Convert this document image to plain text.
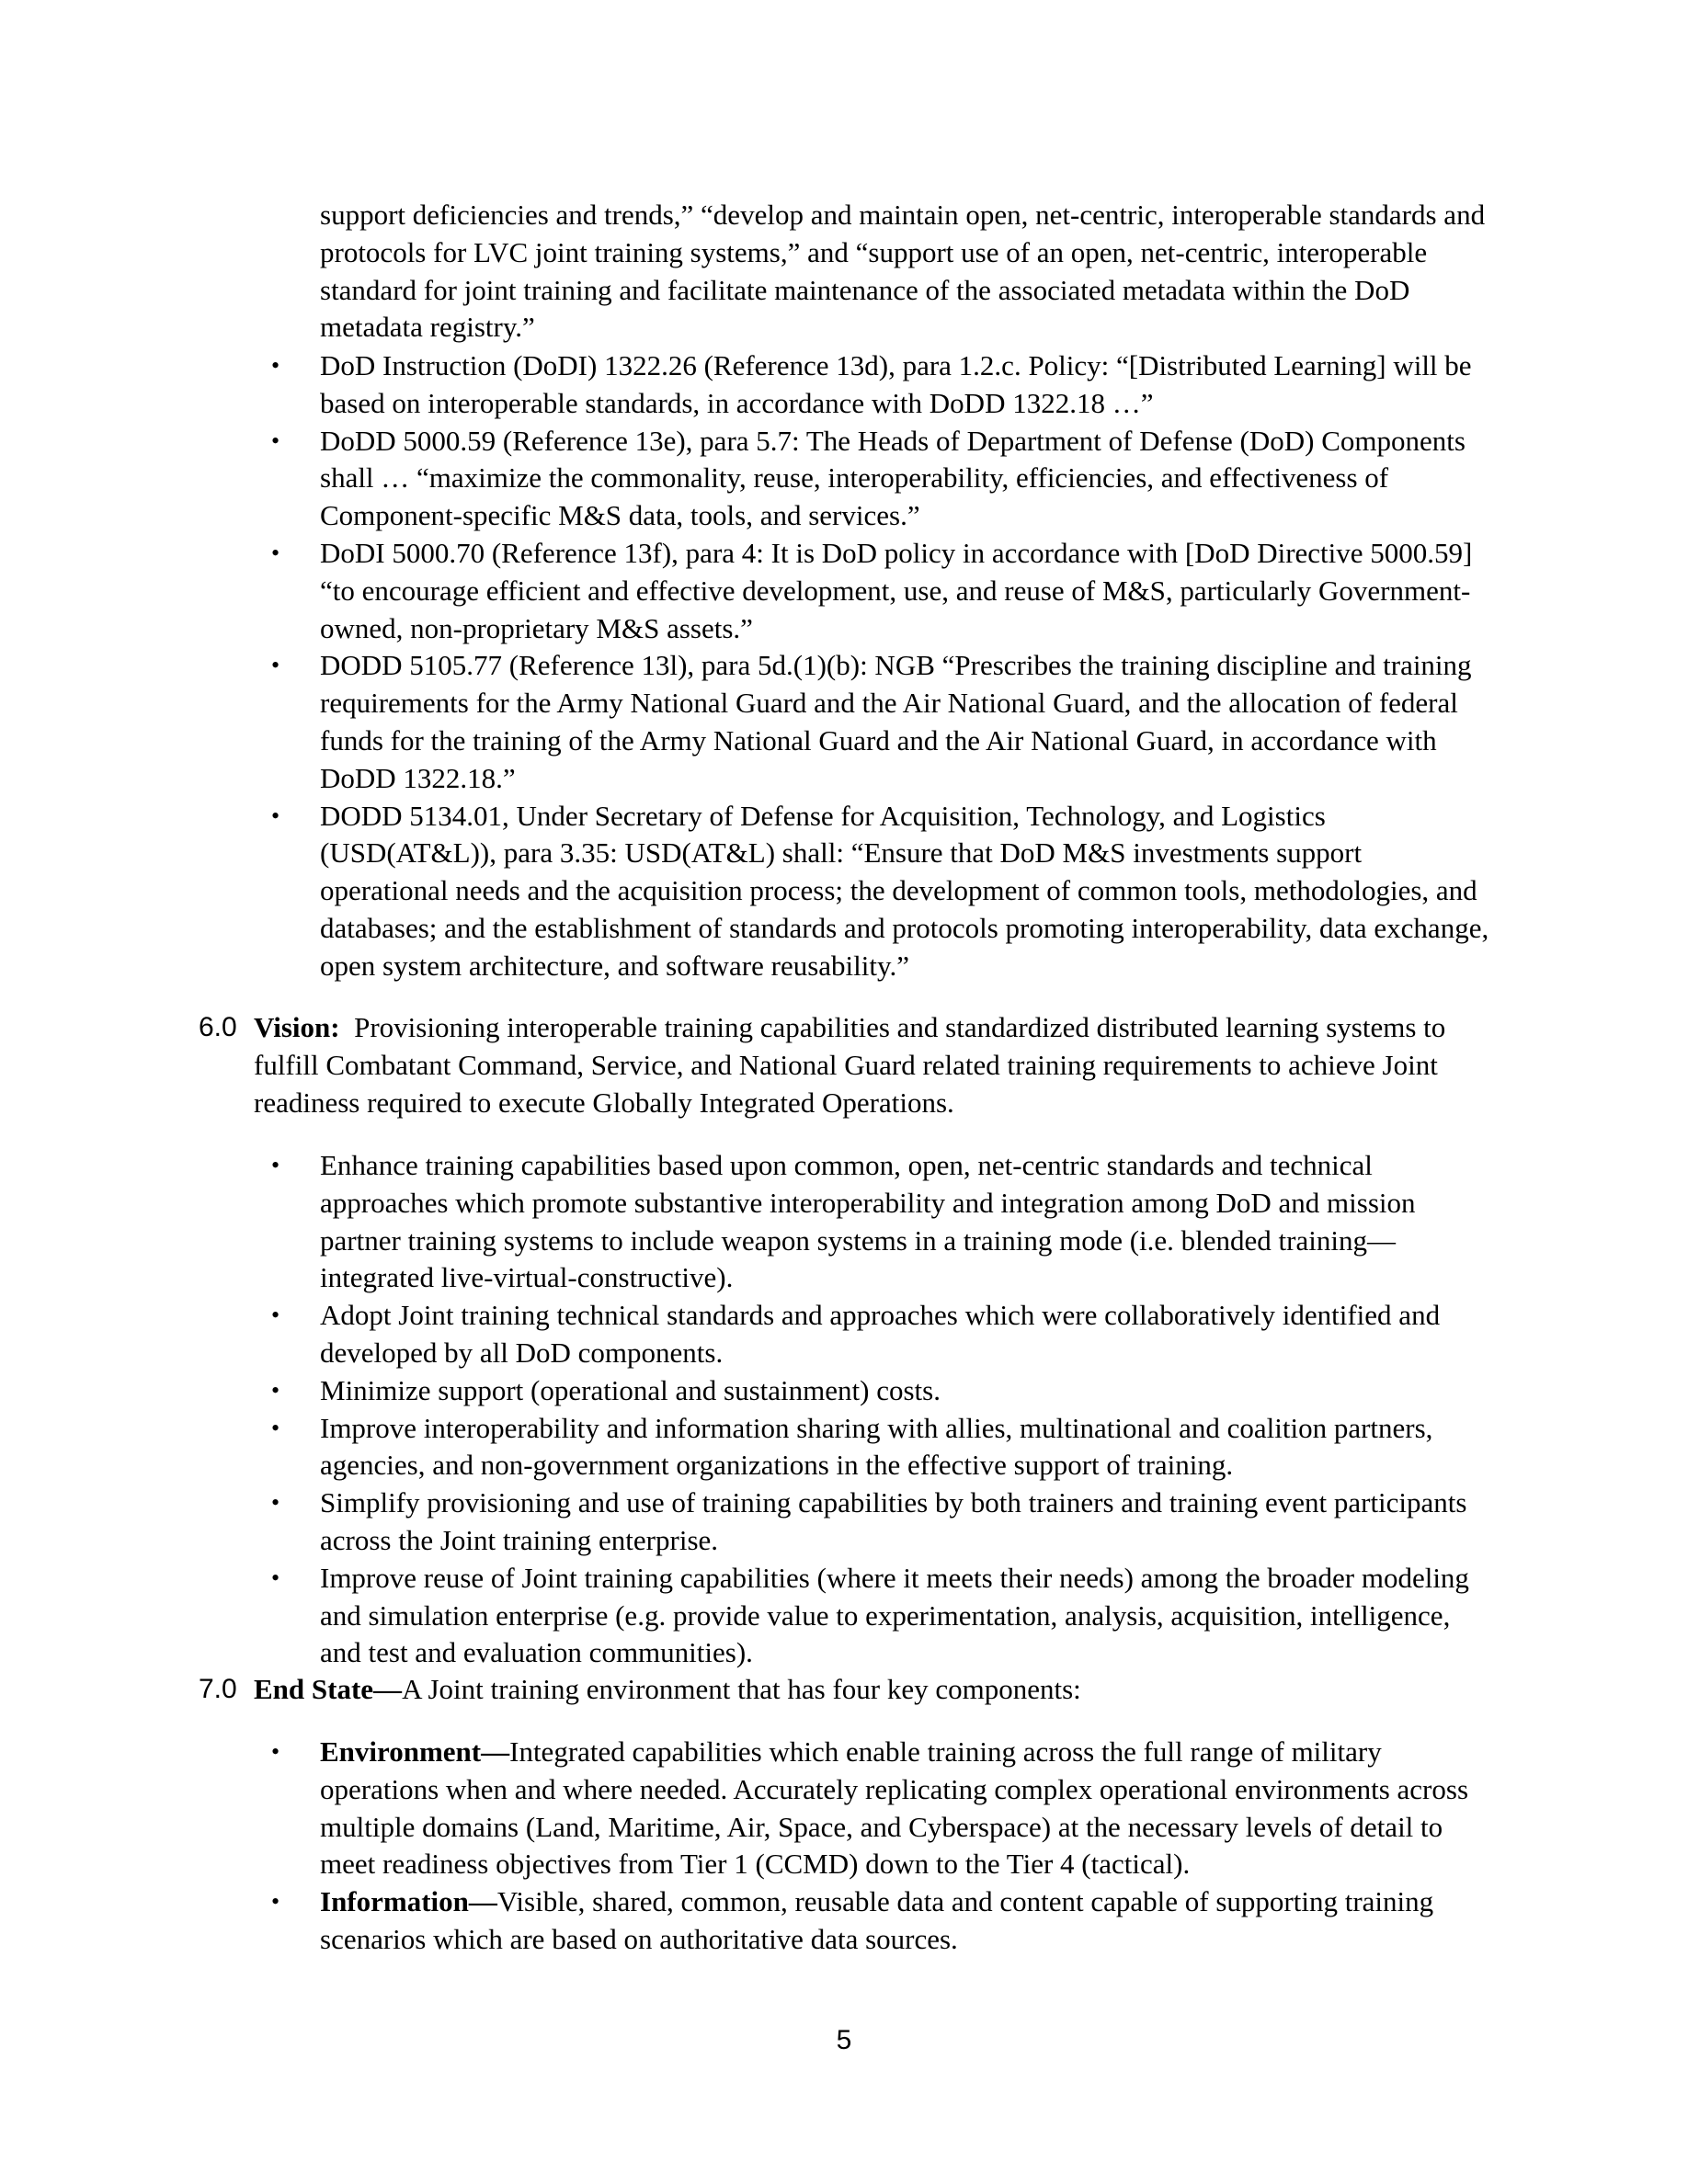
support deficiencies and trends,” “develop and maintain open, net-centric, interoperable standards and protocols for LVC joint training systems,” and “support use of an open, net-centric, interoperable standard for joint training and facilitate maintenance of the associated metadata within the DoD metadata registry.”

•	DoD Instruction (DoDI) 1322.26 (Reference 13d), para 1.2.c. Policy: “[Distributed Learning] will be based on interoperable standards, in accordance with DoDD 1322.18 …”
•	DoDD 5000.59 (Reference 13e), para 5.7: The Heads of Department of Defense (DoD) Components shall … “maximize the commonality, reuse, interoperability, efficiencies, and effectiveness of Component-specific M&S data, tools, and services.”
•	DoDI 5000.70 (Reference 13f), para 4: It is DoD policy in accordance with [DoD Directive 5000.59] “to encourage efficient and effective development, use, and reuse of M&S, particularly Government-owned, non-proprietary M&S assets.”
•	DODD 5105.77 (Reference 13l), para 5d.(1)(b): NGB “Prescribes the training discipline and training requirements for the Army National Guard and the Air National Guard, and the allocation of federal funds for the training of the Army National Guard and the Air National Guard, in accordance with DoDD 1322.18.”
•	DODD 5134.01, Under Secretary of Defense for Acquisition, Technology, and Logistics (USD(AT&L)), para 3.35: USD(AT&L) shall: “Ensure that DoD M&S investments support operational needs and the acquisition process; the development of common tools, methodologies, and databases; and the establishment of standards and protocols promoting interoperability, data exchange, open system architecture, and software reusability.”
6.0 Vision: Provisioning interoperable training capabilities and standardized distributed learning systems to fulfill Combatant Command, Service, and National Guard related training requirements to achieve Joint readiness required to execute Globally Integrated Operations.

•	Enhance training capabilities based upon common, open, net-centric standards and technical approaches which promote substantive interoperability and integration among DoD and mission partner training systems to include weapon systems in a training mode (i.e. blended training—integrated live-virtual-constructive).
•	Adopt Joint training technical standards and approaches which were collaboratively identified and developed by all DoD components.
•	Minimize support (operational and sustainment) costs.
•	Improve interoperability and information sharing with allies, multinational and coalition partners, agencies, and non-government organizations in the effective support of training.
•	Simplify provisioning and use of training capabilities by both trainers and training event participants across the Joint training enterprise.
•	Improve reuse of Joint training capabilities (where it meets their needs) among the broader modeling and simulation enterprise (e.g. provide value to experimentation, analysis, acquisition, intelligence, and test and evaluation communities).
7.0 End State—A Joint training environment that has four key components:

•	Environment—Integrated capabilities which enable training across the full range of military operations when and where needed. Accurately replicating complex operational environments across multiple domains (Land, Maritime, Air, Space, and Cyberspace) at the necessary levels of detail to meet readiness objectives from Tier 1 (CCMD) down to the Tier 4 (tactical).
•	Information—Visible, shared, common, reusable data and content capable of supporting training scenarios which are based on authoritative data sources.
5
